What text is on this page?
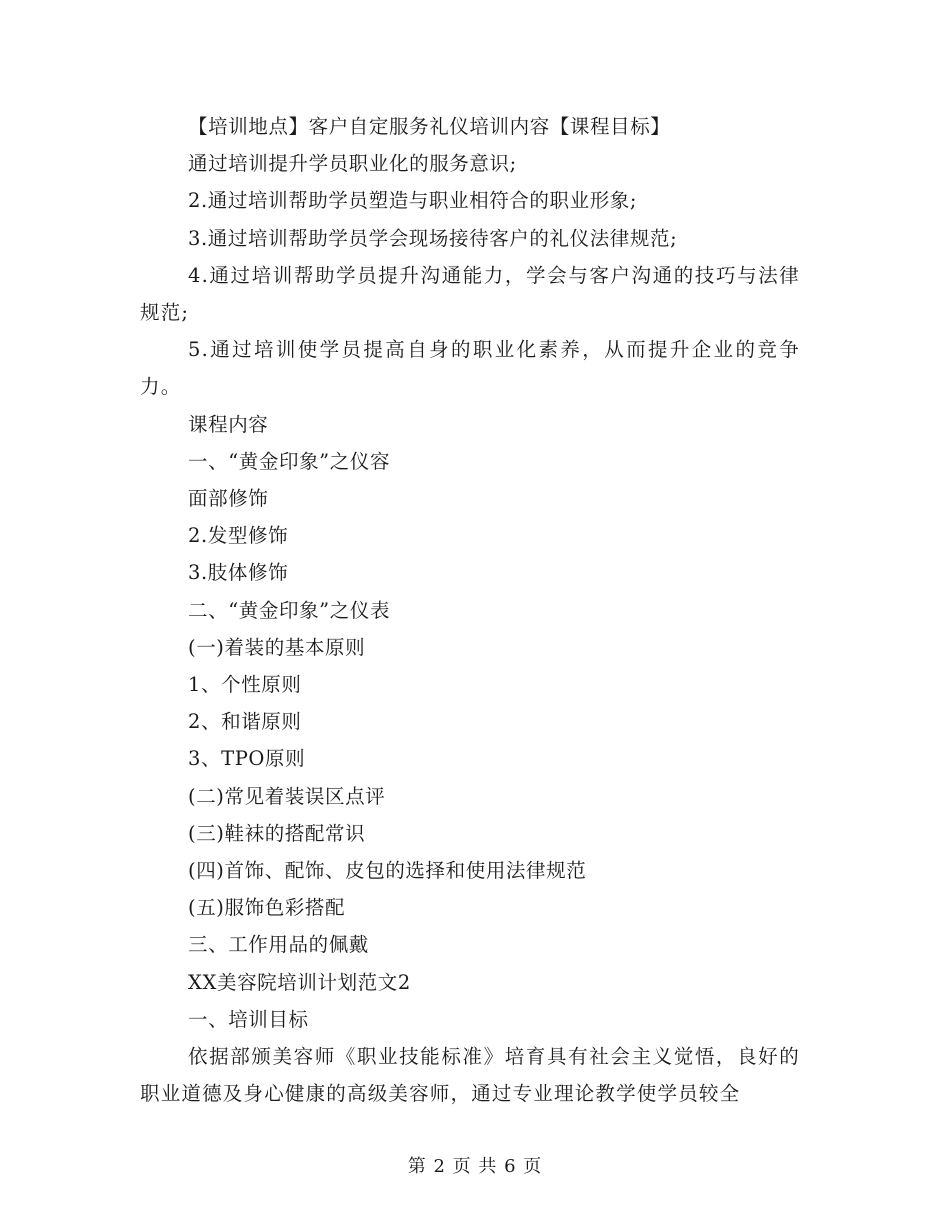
【培训地点】客户自定服务礼仪培训内容【课程目标】
通过培训提升学员职业化的服务意识;
2.通过培训帮助学员塑造与职业相符合的职业形象;
3.通过培训帮助学员学会现场接待客户的礼仪法律规范;
4.通过培训帮助学员提升沟通能力，学会与客户沟通的技巧与法律规范;
5.通过培训使学员提高自身的职业化素养，从而提升企业的竞争力。
课程内容
一、“黄金印象”之仪容
面部修饰
2.发型修饰
3.肢体修饰
二、“黄金印象”之仪表
(一)着装的基本原则
1、个性原则
2、和谐原则
3、TPO原则
(二)常见着装误区点评
(三)鞋袜的搭配常识
(四)首饰、配饰、皮包的选择和使用法律规范
(五)服饰色彩搭配
三、工作用品的佩戴
XX美容院培训计划范文2
一、培训目标
依据部颁美容师《职业技能标准》培育具有社会主义觉悟，良好的职业道德及身心健康的高级美容师，通过专业理论教学使学员较全
第 2 页 共 6 页
